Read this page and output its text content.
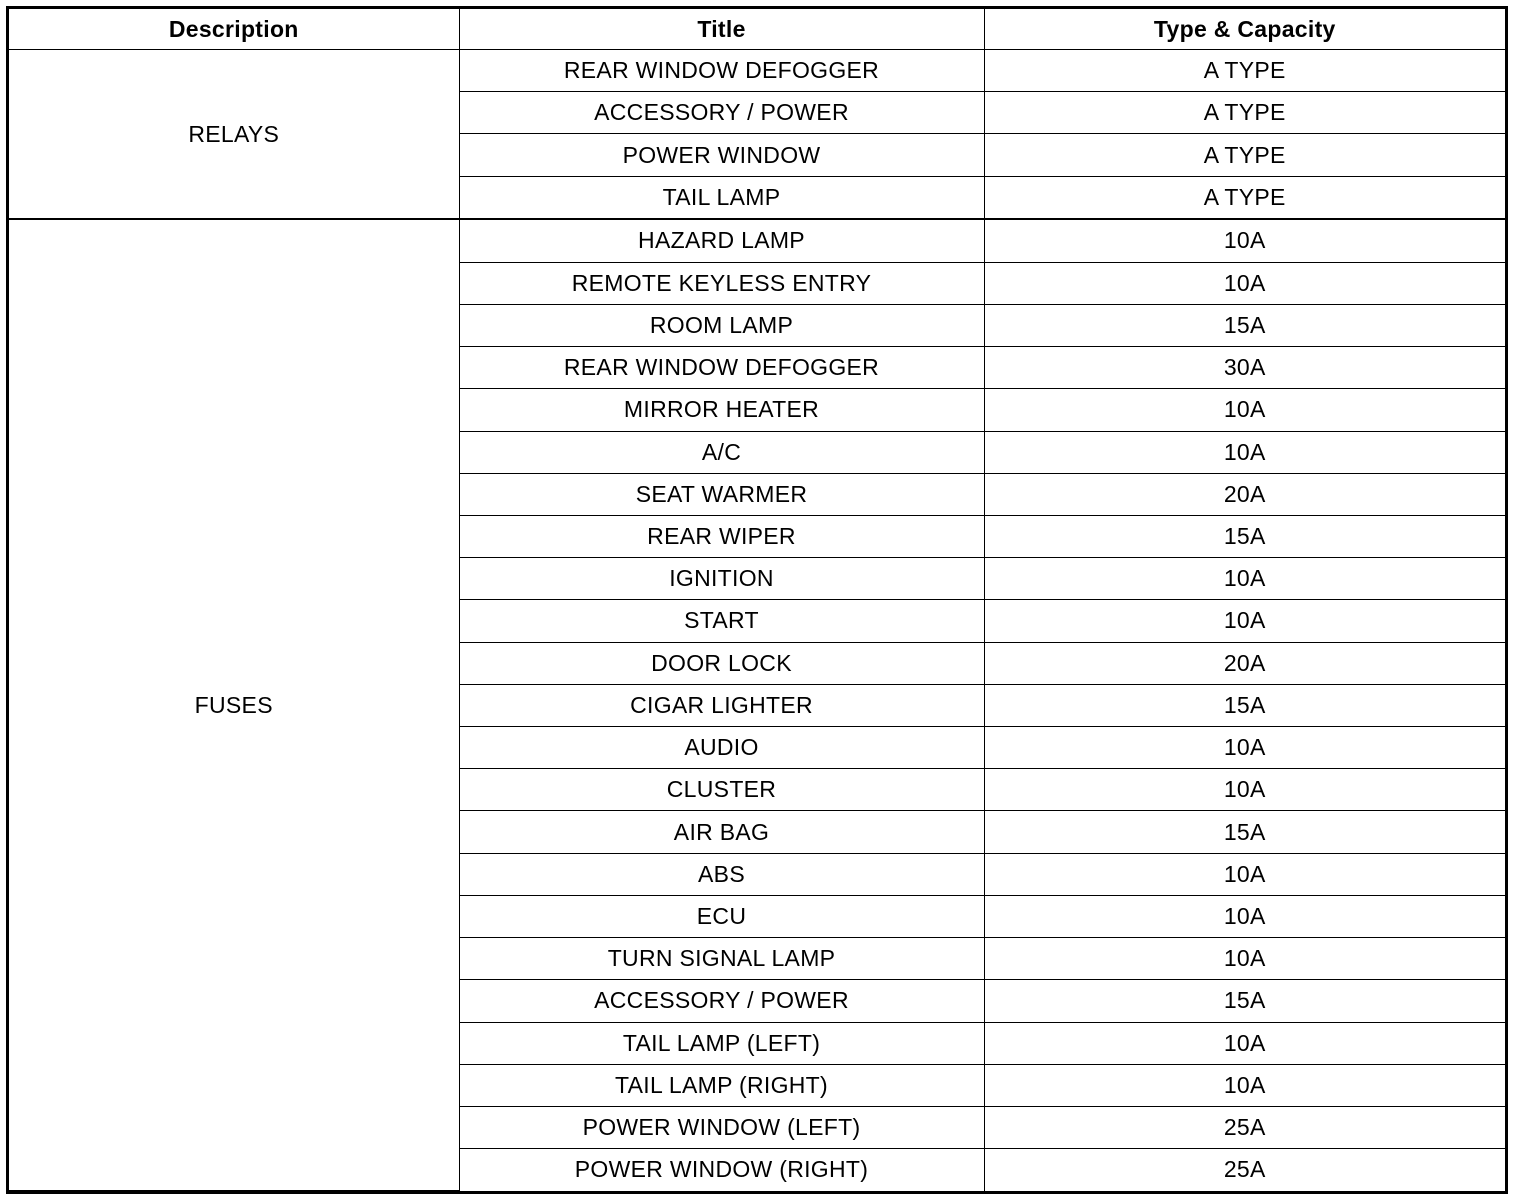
Description	Title	Type & Capacity
RELAYS	REAR WINDOW DEFOGGER	A TYPE
	ACCESSORY / POWER	A TYPE
	POWER WINDOW	A TYPE
	TAIL LAMP	A TYPE
FUSES	HAZARD LAMP	10A
	REMOTE KEYLESS ENTRY	10A
	ROOM LAMP	15A
	REAR WINDOW DEFOGGER	30A
	MIRROR HEATER	10A
	A/C	10A
	SEAT WARMER	20A
	REAR WIPER	15A
	IGNITION	10A
	START	10A
	DOOR LOCK	20A
	CIGAR LIGHTER	15A
	AUDIO	10A
	CLUSTER	10A
	AIR BAG	15A
	ABS	10A
	ECU	10A
	TURN SIGNAL LAMP	10A
	ACCESSORY / POWER	15A
	TAIL LAMP (LEFT)	10A
	TAIL LAMP (RIGHT)	10A
	POWER WINDOW (LEFT)	25A
	POWER WINDOW (RIGHT)	25A
